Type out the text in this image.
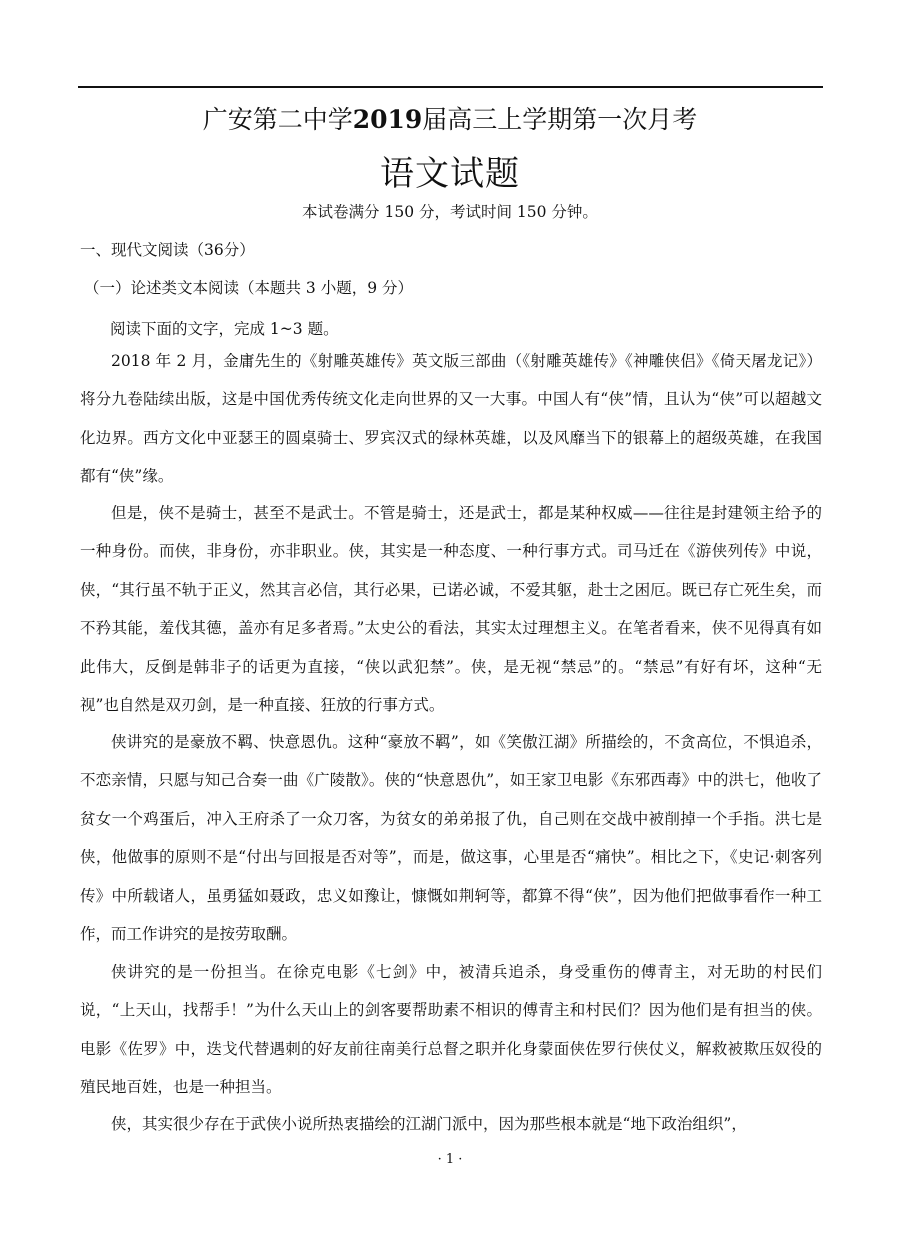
广安第二中学2019届高三上学期第一次月考
语文试题
本试卷满分 150 分，考试时间 150 分钟。
一、现代文阅读（36分）
（一）论述类文本阅读（本题共 3 小题，9 分）
阅读下面的文字，完成 1~3 题。

2018 年 2 月，金庸先生的《射雕英雄传》英文版三部曲（《射雕英雄传》《神雕侠侣》《倚天屠龙记》）将分九卷陆续出版，这是中国优秀传统文化走向世界的又一大事。中国人有“侠”情，且认为“侠”可以超越文化边界。西方文化中亚瑟王的圆桌骑士、罗宾汉式的绿林英雄，以及风靡当下的银幕上的超级英雄，在我国都有“侠”缘。

但是，侠不是骑士，甚至不是武士。不管是骑士，还是武士，都是某种权威——往往是封建领主给予的一种身份。而侠，非身份，亦非职业。侠，其实是一种态度、一种行事方式。司马迁在《游侠列传》中说，侠，“其行虽不轨于正义，然其言必信，其行必果，已诺必诚，不爱其躯，赴士之困厄。既已存亡死生矣，而不矜其能，羞伐其德，盖亦有足多者焉。”太史公的看法，其实太过理想主义。在笔者看来，侠不见得真有如此伟大，反倒是韩非子的话更为直接，“侠以武犯禁”。侠，是无视“禁忌”的。“禁忌”有好有坏，这种“无视”也自然是双刃剑，是一种直接、狂放的行事方式。

侠讲究的是豪放不羁、快意恩仇。这种“豪放不羁”，如《笑傲江湖》所描绘的，不贪高位，不惧追杀，不恋亲情，只愿与知己合奏一曲《广陵散》。侠的“快意恩仇”，如王家卫电影《东邪西毒》中的洪七，他收了贫女一个鸡蛋后，冲入王府杀了一众刀客，为贫女的弟弟报了仇，自己则在交战中被削掉一个手指。洪七是侠，他做事的原则不是“付出与回报是否对等”，而是，做这事，心里是否“痛快”。相比之下，《史记·刺客列传》中所载诸人，虽勇猛如聂政，忠义如豫让，慷慨如荆轲等，都算不得“侠”，因为他们把做事看作一种工作，而工作讲究的是按劳取酬。

侠讲究的是一份担当。在徐克电影《七剑》中，被清兵追杀，身受重伤的傅青主，对无助的村民们说，“上天山，找帮手！”为什么天山上的剑客要帮助素不相识的傅青主和村民们？因为他们是有担当的侠。电影《佐罗》中，迭戈代替遇刺的好友前往南美行总督之职并化身蒙面侠佐罗行侠仗义，解救被欺压奴役的殖民地百姓，也是一种担当。

侠，其实很少存在于武侠小说所热衷描绘的江湖门派中，因为那些根本就是“地下政治组织”，

· 1 ·
